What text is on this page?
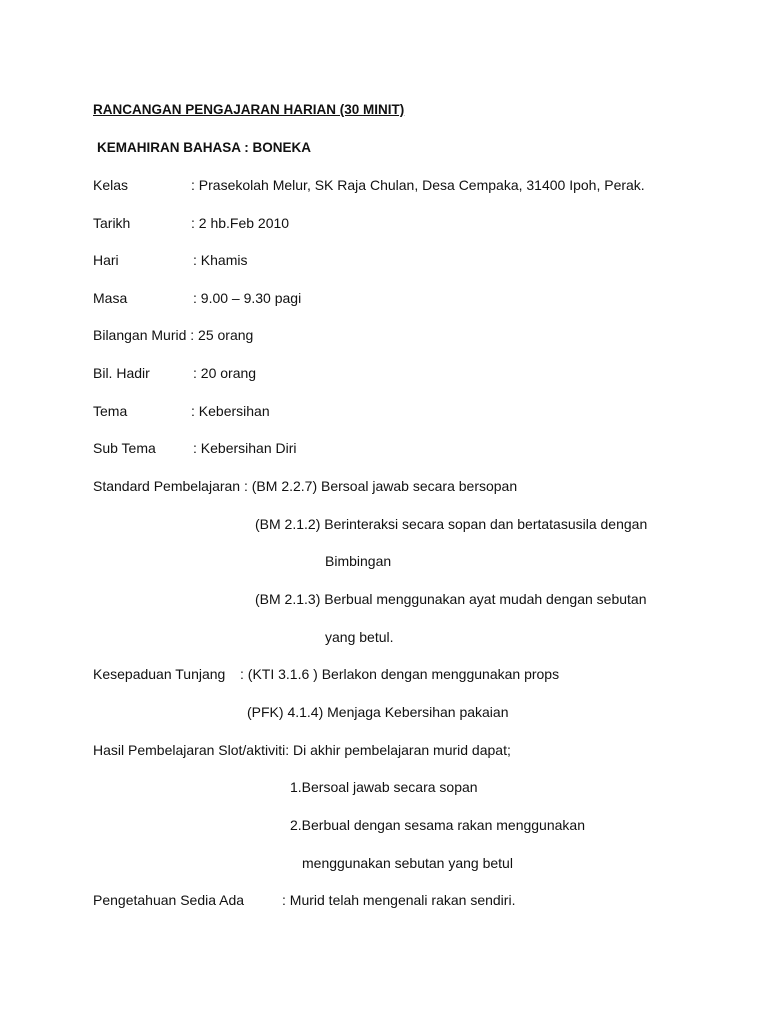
RANCANGAN PENGAJARAN HARIAN (30 MINIT)
KEMAHIRAN BAHASA : BONEKA
Kelas	: Prasekolah Melur, SK Raja Chulan, Desa Cempaka, 31400 Ipoh, Perak.
Tarikh	: 2 hb.Feb 2010
Hari	: Khamis
Masa	: 9.00 – 9.30 pagi
Bilangan Murid : 25 orang
Bil. Hadir	: 20 orang
Tema	: Kebersihan
Sub Tema	: Kebersihan Diri
Standard Pembelajaran : (BM 2.2.7) Bersoal jawab secara bersopan
(BM 2.1.2) Berinteraksi secara sopan dan bertatasusila dengan
Bimbingan
(BM 2.1.3) Berbual menggunakan ayat mudah dengan sebutan
yang betul.
Kesepaduan Tunjang : (KTI 3.1.6 ) Berlakon dengan menggunakan props
(PFK) 4.1.4) Menjaga Kebersihan pakaian
Hasil Pembelajaran Slot/aktiviti: Di akhir pembelajaran murid dapat;
1.Bersoal jawab secara sopan
2.Berbual dengan sesama rakan menggunakan
menggunakan sebutan yang betul
Pengetahuan Sedia Ada	: Murid telah mengenali rakan sendiri.
